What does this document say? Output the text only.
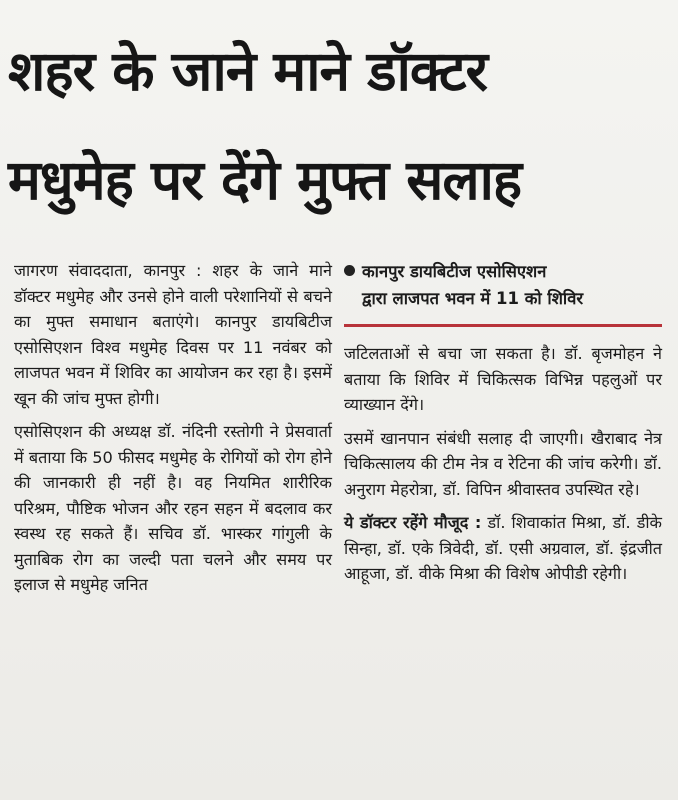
शहर के जाने माने डॉक्टर
मधुमेह पर देंगे मुफ्त सलाह

जागरण संवाददाता, कानपुर : शहर के जाने माने डॉक्टर मधुमेह और उनसे होने वाली परेशानियों से बचने का मुफ्त समाधान बताएंगे। कानपुर डायबिटीज एसोसिएशन विश्व मधुमेह दिवस पर 11 नवंबर को लाजपत भवन में शिविर का आयोजन कर रहा है। इसमें खून की जांच मुफ्त होगी।

एसोसिएशन की अध्यक्ष डॉ. नंदिनी रस्तोगी ने प्रेसवार्ता में बताया कि 50 फीसद मधुमेह के रोगियों को रोग होने की जानकारी ही नहीं है। वह नियमित शारीरिक परिश्रम, पौष्टिक भोजन और रहन सहन में बदलाव कर स्वस्थ रह सकते हैं। सचिव डॉ. भास्कर गांगुली के मुताबिक रोग का जल्दी पता चलने और समय पर इलाज से मधुमेह जनित

कानपुर डायबिटीज एसोसिएशन
द्वारा लाजपत भवन में 11 को शिविर

जटिलताओं से बचा जा सकता है। डॉ. बृजमोहन ने बताया कि शिविर में चिकित्सक विभिन्न पहलुओं पर व्याख्यान देंगे।

उसमें खानपान संबंधी सलाह दी जाएगी। खैराबाद नेत्र चिकित्सालय की टीम नेत्र व रेटिना की जांच करेगी। डॉ. अनुराग मेहरोत्रा, डॉ. विपिन श्रीवास्तव उपस्थित रहे।

ये डॉक्टर रहेंगे मौजूद : डॉ. शिवाकांत मिश्रा, डॉ. डीके सिन्हा, डॉ. एके त्रिवेदी, डॉ. एसी अग्रवाल, डॉ. इंद्रजीत आहूजा, डॉ. वीके मिश्रा की विशेष ओपीडी रहेगी।
